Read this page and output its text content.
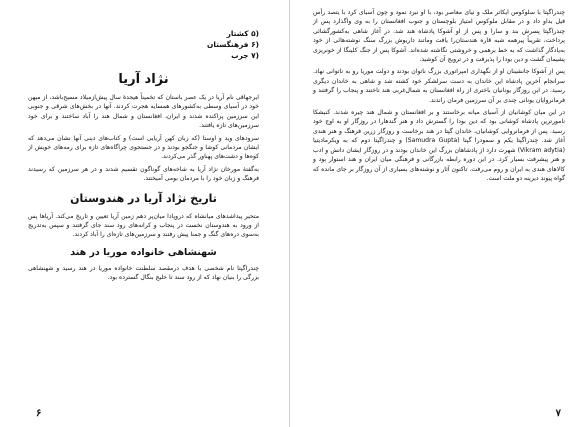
(۵ کشتار
(۶ فرهنگستان
(۷ جرب
نژاد آریا

ایرجهاقی نام آریا در یک عصر باستان که تخمیناً هیجدهٔ سال پیش‌ازمیلاد مسیح‌باشد، از میهن خود در آسیای وسطی به‌کشورهای همسایه هجرت کردند. آنها در بخش‌های شرقی و جنوبی این سرزمین پراکنده شدند و ایران، افغانستان و شمال هند را آباد ساختند و برای خود سرزمین‌های تازه یافتند.

سرودهای وید و اوستا (که زبان کهن آریایی است) و کتاب‌های دینی آنها نشان می‌دهد که ایشان مردمانی کوشا و جنگجو بودند و در جستجوی چراگاه‌های تازه برای رمه‌های خویش از کوه‌ها و دشت‌های پهناور گذر می‌کردند.

به‌گفتهٔ مورخان نژاد آریا به شاخه‌های گوناگون تقسیم شدند و در هر سرزمین که رسیدند فرهنگ و زبان خود را با مردمان بومی آمیختند.

تاریخ نژاد آریا در هندوستان

متحیر پیداشدهای میانشاه که دروپادا میان‌پر دهم زمین آریا تعیین و تاریخ می‌کند. آریاها پس از ورود به هندوستان نخست در پنجاب و کرانه‌های رود سند جای گرفتند و سپس به‌تدریج به‌سوی دره‌های گنگ و جمنا پیش رفتند و سرزمین‌های تازه‌ای را آباد کردند.

شهنشاهی خانواده موریا در هند

چندراگپتا نام شخصی با هدف درمقصد سلطنت خانواده موریا در هند رسید و شهنشاهی بزرگی را بنیان نهاد که از رود سند تا خلیج بنگال گسترده بود.

۶

چندراگپتا با سلوکوس ایکاتر ملک و نیای معاصر بود، با او نبرد نمود و چون آسیای کرد با یتصد رأس فیل بداو داد و در مقابل ملوکوس امتیاز بلوچستان و جنوب افغانستان را به وی واگذارد پس از چندراگپتا پسرش بند و سارا و پس از او آشوکا پادشاه هند شد. در آغاز شاهی به‌کشورگشائی پرداخت، تقریباً پیرهمه شبه قاره هندستان‌را یافت وماتند داریوش بزرگ سنگ نوشته‌هائی از خود به‌یادگار گذاشت که به خط برهمی و خروشتی نگاشته شده‌اند. آشوکا پس از جنگ کلینگا از خونریزی پشیمان گشت و دین بودا را پذیرفت و در ترویج آن کوشید.

پس از آشوکا جانشینان او از نگهداری امپراتوری بزرگ ناتوان بودند و دولت موریا رو به ناتوانی نهاد. سرانجام آخرین پادشاه این خاندان به دست سرلشکر خود کشته شد و شاهی به خاندان دیگری رسید. در این روزگار یونانیان باختری از راه افغانستان به شمال‌غربی هند تاختند و پنجاب را گرفتند و فرمانروایان یونانی چندی بر آن سرزمین فرمان راندند.

در این میان کوشانیان از آسیای میانه برخاستند و بر افغانستان و شمال هند چیره شدند. کنیشکا نامورترین پادشاه کوشانی بود که دین بودا را گسترش داد و هنر گندهارا در روزگار او به اوج خود رسید. پس از فرمانروایی کوشانیان، خاندان گپتا در هند برخاست و روزگار زرین فرهنگ و هنر هندی آغاز شد. چندراگپتا یکم و سمودرا گپتا (Samudra Gupta) و چندراگپتا دوم که به ویکرمادیتیا (Vikram adytia) شهرت دارد از پادشاهان بزرگ این خاندان بودند و در روزگار ایشان دانش و ادب و هنر پیشرفت بسیار کرد. در این دوره رابطه بازرگانی و فرهنگی میان ایران و هند استوار بود و کالاهای هندی به ایران و روم می‌رفت. تاکنون آثار و نوشته‌های بسیاری از آن روزگار بر جای مانده که گواه پیوند دیرینه دو ملت است.

۷
